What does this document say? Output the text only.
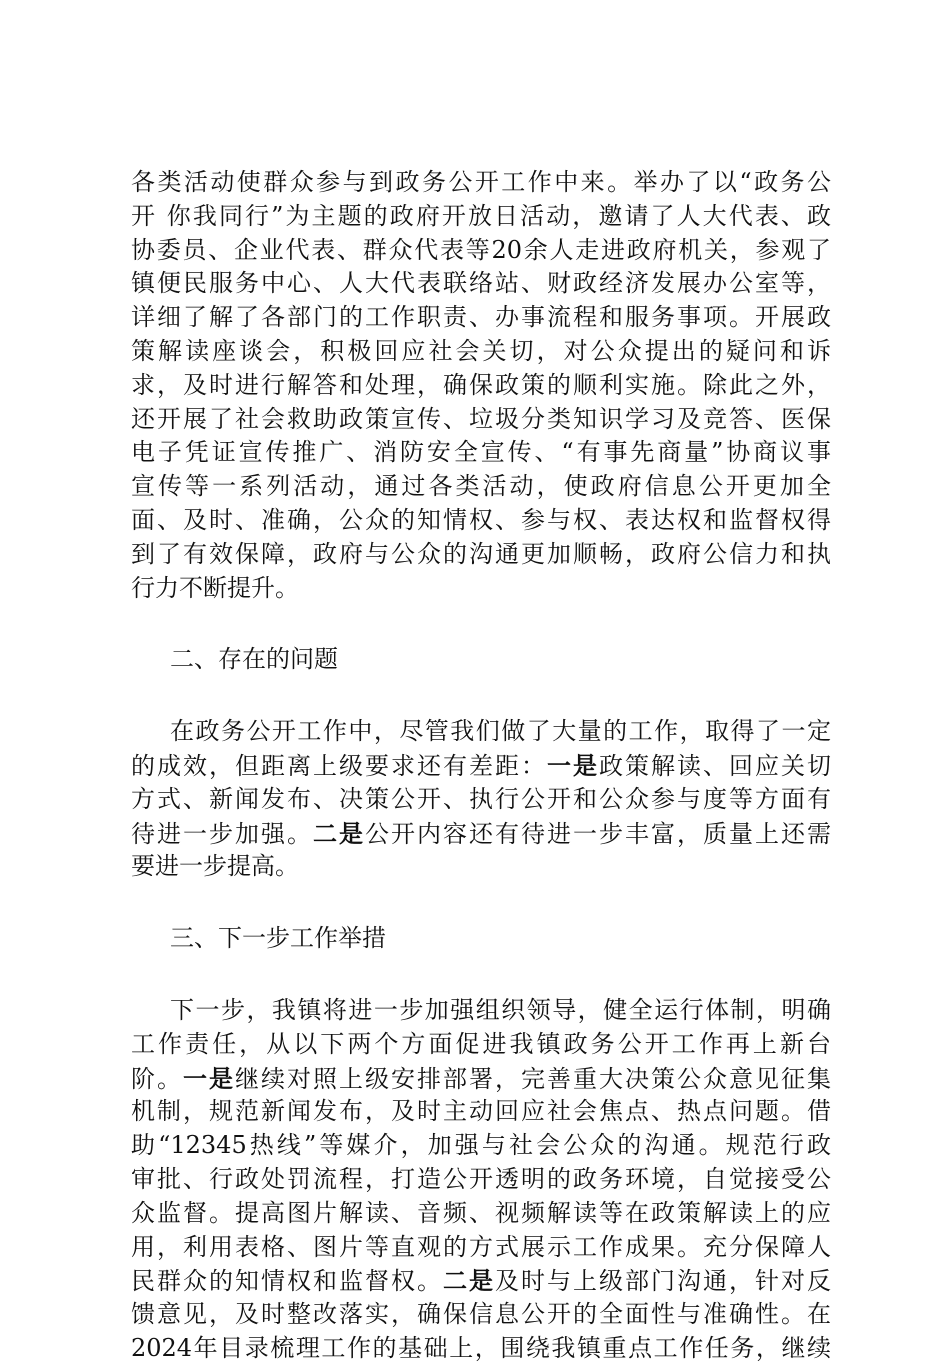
各类活动使群众参与到政务公开工作中来。举办了以“政务公
开 你我同行”为主题的政府开放日活动，邀请了人大代表、政
协委员、企业代表、群众代表等20余人走进政府机关，参观了
镇便民服务中心、人大代表联络站、财政经济发展办公室等，
详细了解了各部门的工作职责、办事流程和服务事项。开展政
策解读座谈会，积极回应社会关切，对公众提出的疑问和诉
求，及时进行解答和处理，确保政策的顺利实施。除此之外，
还开展了社会救助政策宣传、垃圾分类知识学习及竞答、医保
电子凭证宣传推广、消防安全宣传、“有事先商量”协商议事
宣传等一系列活动，通过各类活动，使政府信息公开更加全
面、及时、准确，公众的知情权、参与权、表达权和监督权得
到了有效保障，政府与公众的沟通更加顺畅，政府公信力和执
行力不断提升。
二、存在的问题
在政务公开工作中，尽管我们做了大量的工作，取得了一定
的成效，但距离上级要求还有差距：一是政策解读、回应关切
方式、新闻发布、决策公开、执行公开和公众参与度等方面有
待进一步加强。二是公开内容还有待进一步丰富，质量上还需
要进一步提高。
三、下一步工作举措
下一步，我镇将进一步加强组织领导，健全运行体制，明确
工作责任，从以下两个方面促进我镇政务公开工作再上新台
阶。一是继续对照上级安排部署，完善重大决策公众意见征集
机制，规范新闻发布，及时主动回应社会焦点、热点问题。借
助“12345热线”等媒介，加强与社会公众的沟通。规范行政
审批、行政处罚流程，打造公开透明的政务环境，自觉接受公
众监督。提高图片解读、音频、视频解读等在政策解读上的应
用，利用表格、图片等直观的方式展示工作成果。充分保障人
民群众的知情权和监督权。二是及时与上级部门沟通，针对反
馈意见，及时整改落实，确保信息公开的全面性与准确性。在
2024年目录梳理工作的基础上，围绕我镇重点工作任务，继续
